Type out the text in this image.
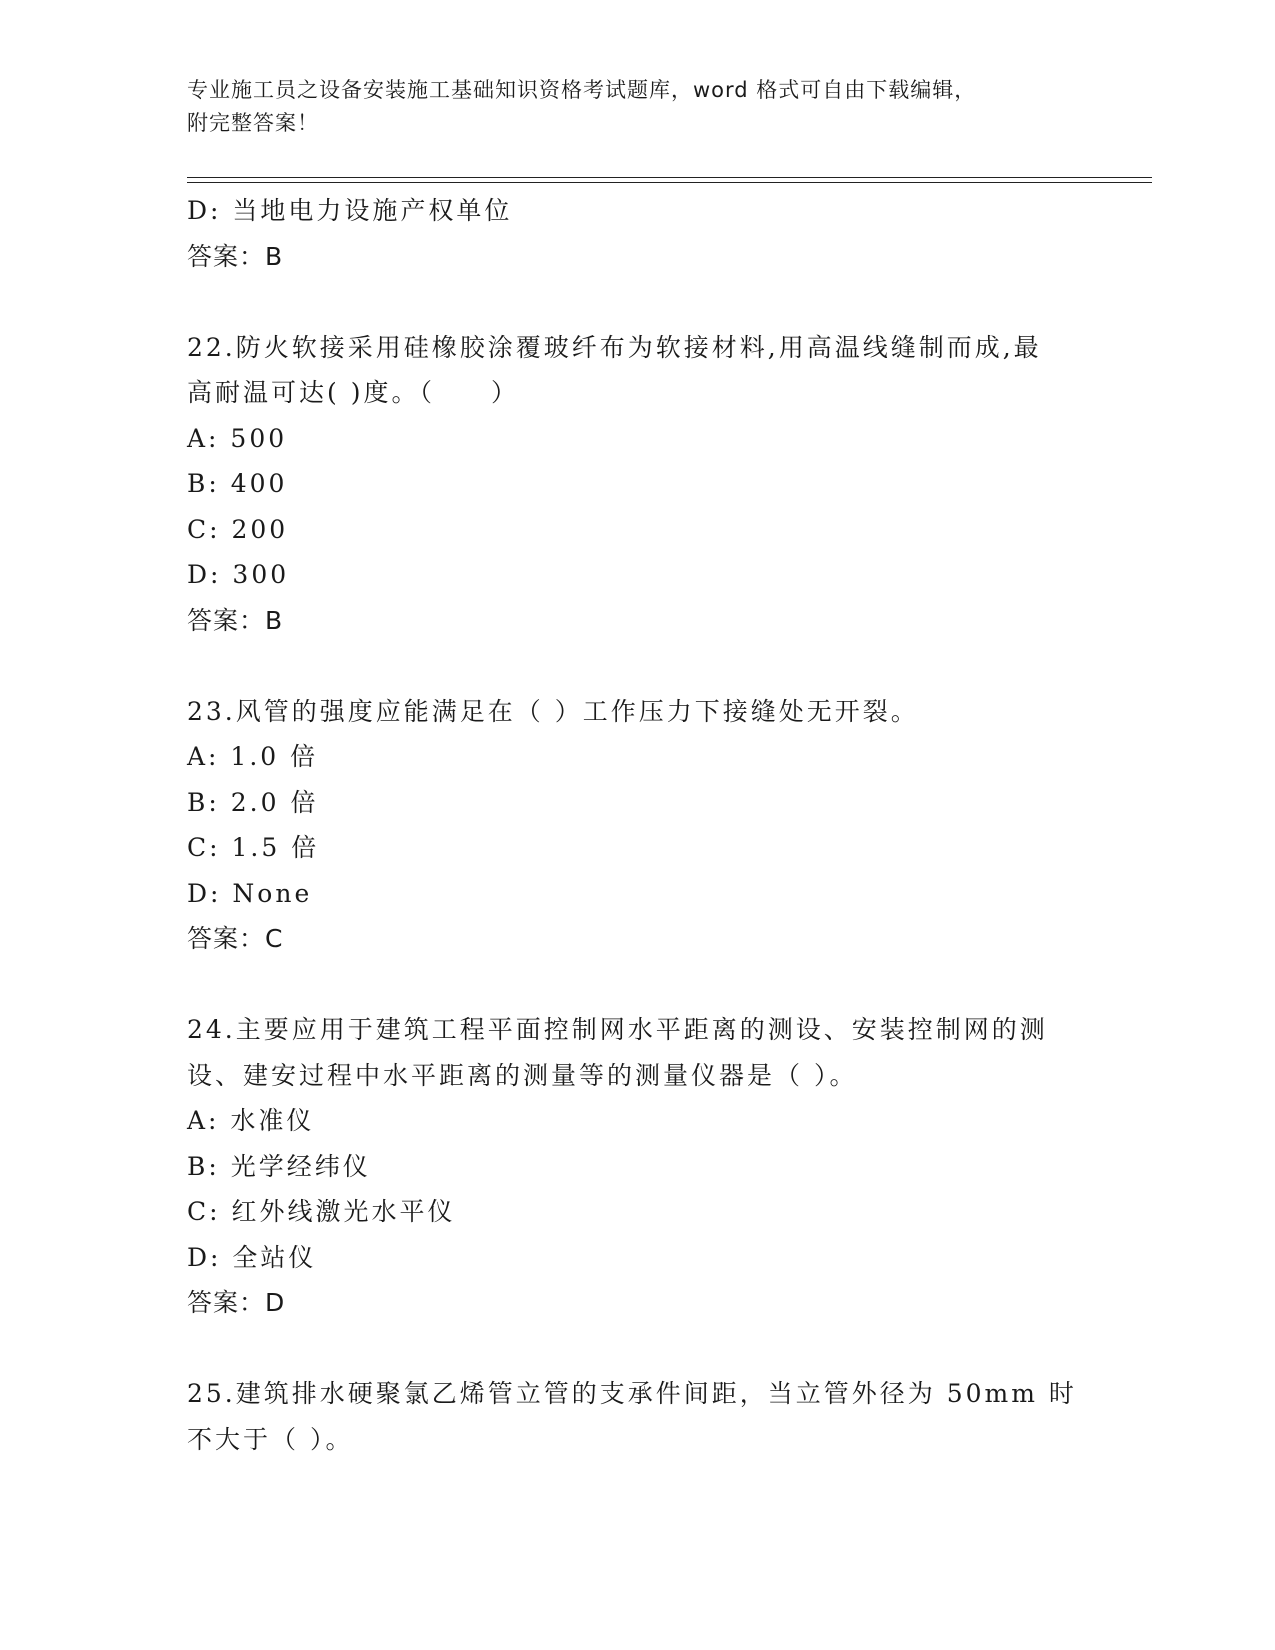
专业施工员之设备安装施工基础知识资格考试题库，word 格式可自由下载编辑，
附完整答案！
D: 当地电力设施产权单位
答案：B
22.防火软接采用硅橡胶涂覆玻纤布为软接材料,用高温线缝制而成,最
高耐温可达( )度。（　　）
A: 500
B: 400
C: 200
D: 300
答案：B
23.风管的强度应能满足在（ ）工作压力下接缝处无开裂。
A: 1.0 倍
B: 2.0 倍
C: 1.5 倍
D: None
答案：C
24.主要应用于建筑工程平面控制网水平距离的测设、安装控制网的测
设、建安过程中水平距离的测量等的测量仪器是（ ）。
A: 水准仪
B: 光学经纬仪
C: 红外线激光水平仪
D: 全站仪
答案：D
25.建筑排水硬聚氯乙烯管立管的支承件间距，当立管外径为 50mm 时
不大于（ ）。
